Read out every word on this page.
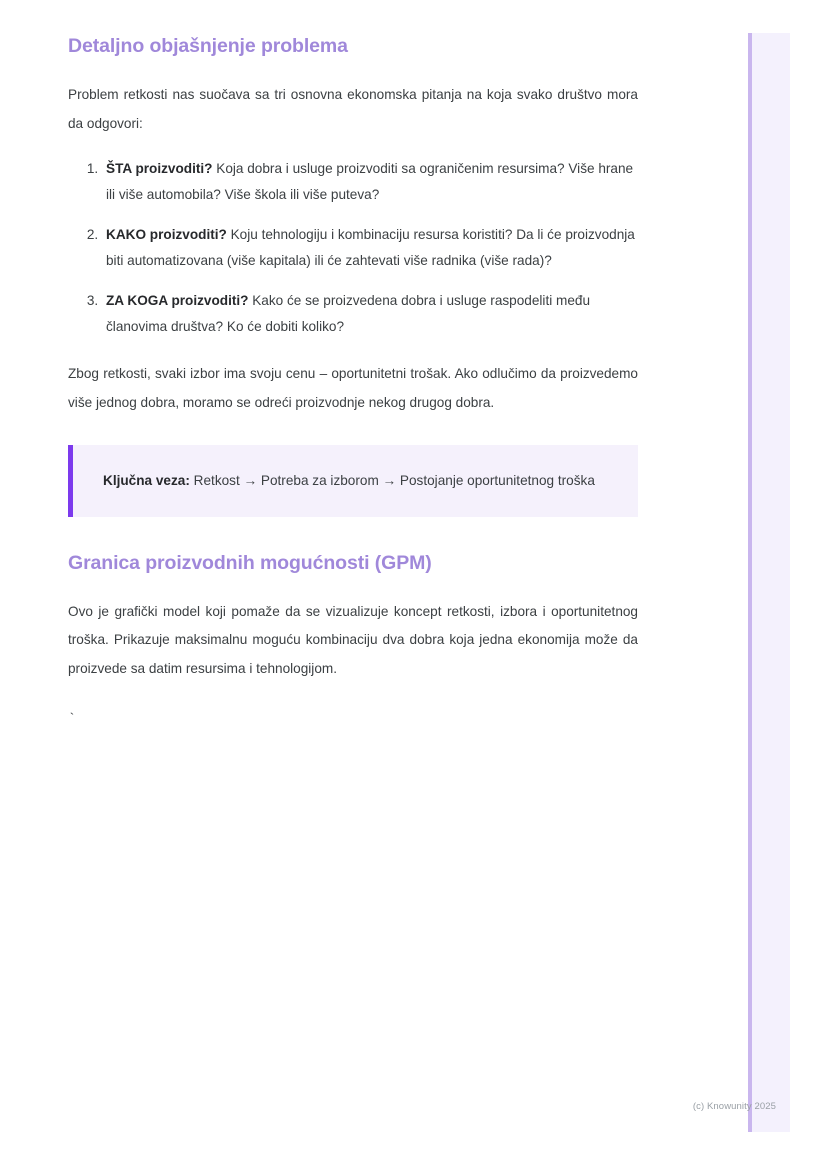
Detaljno objašnjenje problema

Problem retkosti nas suočava sa tri osnovna ekonomska pitanja na koja svako društvo mora da odgovori:

1. ŠTA proizvoditi? Koja dobra i usluge proizvoditi sa ograničenim resursima? Više hrane ili više automobila? Više škola ili više puteva?
2. KAKO proizvoditi? Koju tehnologiju i kombinaciju resursa koristiti? Da li će proizvodnja biti automatizovana (više kapitala) ili će zahtevati više radnika (više rada)?
3. ZA KOGA proizvoditi? Kako će se proizvedena dobra i usluge raspodeliti među članovima društva? Ko će dobiti koliko?

Zbog retkosti, svaki izbor ima svoju cenu – oportunitetni trošak. Ako odlučimo da proizvedemo više jednog dobra, moramo se odreći proizvodnje nekog drugog dobra.

Ključna veza: Retkost → Potreba za izborom → Postojanje oportunitetnog troška

Granica proizvodnih mogućnosti (GPM)

Ovo je grafički model koji pomaže da se vizualizuje koncept retkosti, izbora i oportunitetnog troška. Prikazuje maksimalnu moguću kombinaciju dva dobra koja jedna ekonomija može da proizvede sa datim resursima i tehnologijom.

`
(c) Knowunity 2025
